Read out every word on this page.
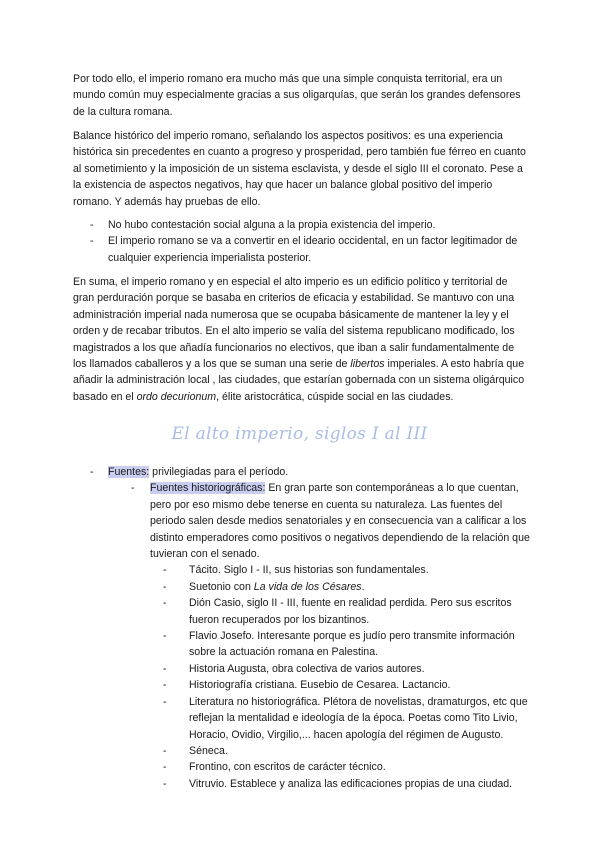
Por todo ello, el imperio romano era mucho más que una simple conquista territorial, era un mundo común muy especialmente gracias a sus oligarquías, que serán los grandes defensores de la cultura romana.

Balance histórico del imperio romano, señalando los aspectos positivos: es una experiencia histórica sin precedentes en cuanto a progreso y prosperidad, pero también fue férreo en cuanto al sometimiento y la imposición de un sistema esclavista, y desde el siglo III el coronato. Pese a la existencia de aspectos negativos, hay que hacer un balance global positivo del imperio romano. Y además hay pruebas de ello.

- No hubo contestación social alguna a la propia existencia del imperio.
- El imperio romano se va a convertir en el ideario occidental, en un factor legitimador de cualquier experiencia imperialista posterior.

En suma, el imperio romano y en especial el alto imperio es un edificio político y territorial de gran perduración porque se basaba en criterios de eficacia y estabilidad. Se mantuvo con una administración imperial nada numerosa que se ocupaba básicamente de mantener la ley y el orden y de recabar tributos. En el alto imperio se valía del sistema republicano modificado, los magistrados a los que añadía funcionarios no electivos, que iban a salir fundamentalmente de los llamados caballeros y a los que se suman una serie de libertos imperiales. A esto habría que añadir la administración local , las ciudades, que estarían gobernada con un sistema oligárquico basado en el ordo decurionum, élite aristocrática, cúspide social en las ciudades.

El alto imperio, siglos I al III
- Fuentes: privilegiadas para el período.
- Fuentes historiográficas: En gran parte son contemporáneas a lo que cuentan, pero por eso mismo debe tenerse en cuenta su naturaleza. Las fuentes del periodo salen desde medios senatoriales y en consecuencia van a calificar a los distinto emperadores como positivos o negativos dependiendo de la relación que tuvieran con el senado.
- Tácito. Siglo I - II, sus historias son fundamentales.
- Suetonio con La vida de los Césares.
- Dión Casio, siglo II - III, fuente en realidad perdida. Pero sus escritos fueron recuperados por los bizantinos.
- Flavio Josefo. Interesante porque es judío pero transmite información sobre la actuación romana en Palestina.
- Historia Augusta, obra colectiva de varios autores.
- Historiografía cristiana. Eusebio de Cesarea. Lactancio.
- Literatura no historiográfica. Plétora de novelistas, dramaturgos, etc que reflejan la mentalidad e ideología de la época. Poetas como Tito Livio, Horacio, Ovidio, Virgilio,... hacen apología del régimen de Augusto.
- Séneca.
- Frontino, con escritos de carácter técnico.
- Vitruvio. Establece y analiza las edificaciones propias de una ciudad.
